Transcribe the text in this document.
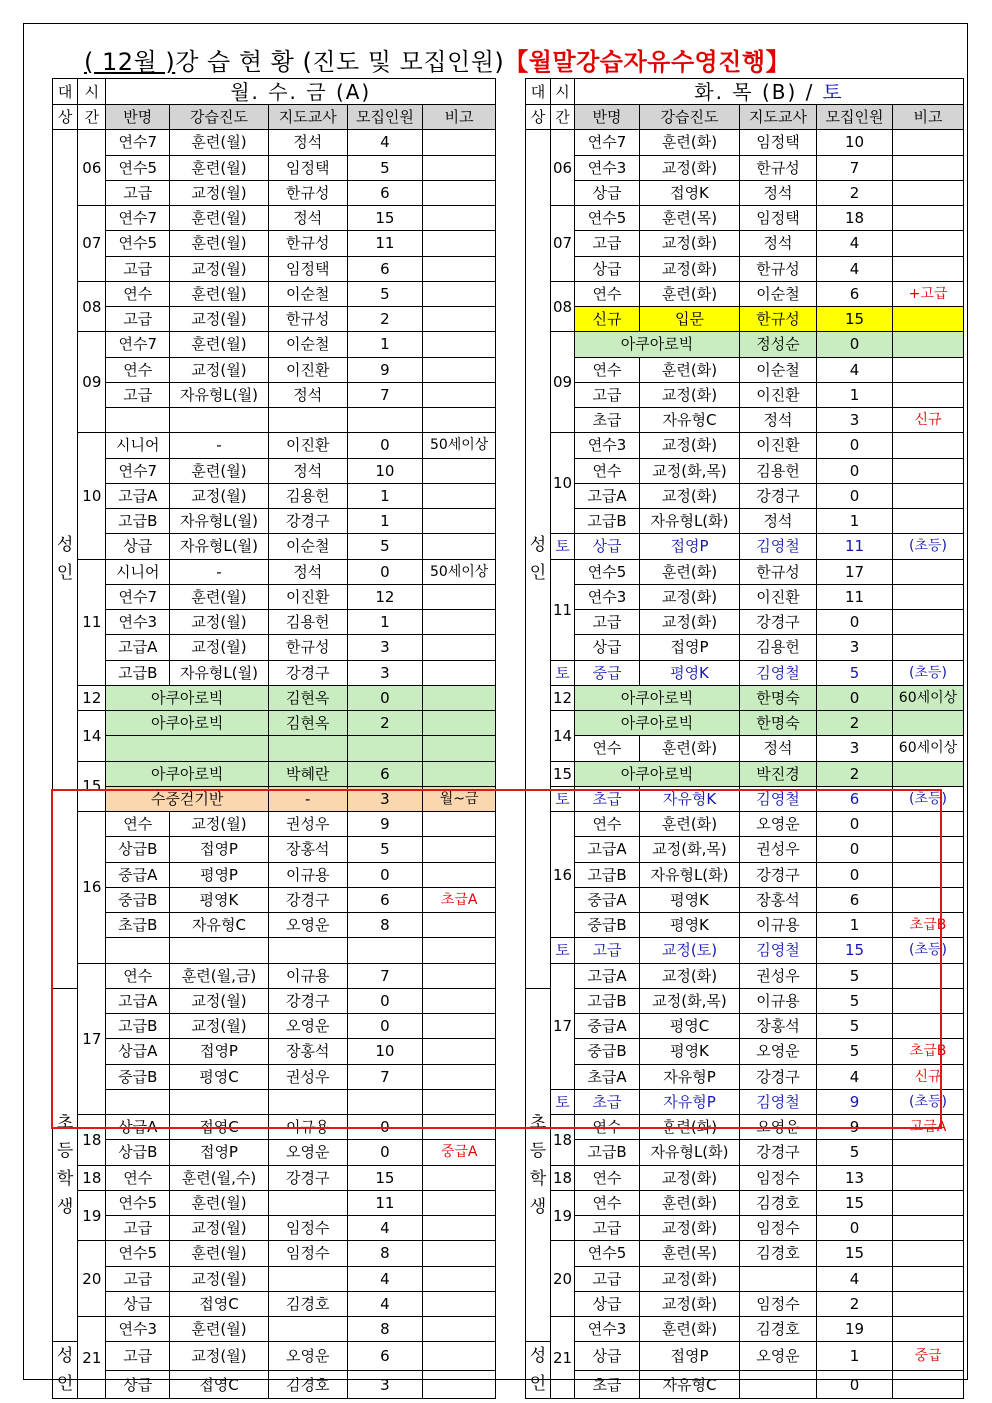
( 12월 )강 습 현 황 (진도 및 모집인원)【월말강습자유수영진행】
대	시	월. 수. 금 (A)				
상	간	반명	강습진도	지도교사	모집인원	비고
성
인	06	연수7	훈련(월)	정석	4	
		연수5	훈련(월)	임정택	5	
		고급	교정(월)	한규성	6	
	07	연수7	훈련(월)	정석	15	
		연수5	훈련(월)	한규성	11	
		고급	교정(월)	임정택	6	
	08	연수	훈련(월)	이순철	5	
		고급	교정(월)	한규성	2	
	09	연수7	훈련(월)	이순철	1	
		연수	교정(월)	이진환	9	
		고급	자유형L(월)	정석	7	

	10	시니어	-	이진환	0	50세이상
		연수7	훈련(월)	정석	10	
		고급A	교정(월)	김용헌	1	
		고급B	자유형L(월)	강경구	1	
		상급	자유형L(월)	이순철	5	
	11	시니어	-	정석	0	50세이상
		연수7	훈련(월)	이진환	12	
		연수3	교정(월)	김용헌	1	
		고급A	교정(월)	한규성	3	
		고급B	자유형L(월)	강경구	3	
	12	아쿠아로빅		김현옥	0	
	14	아쿠아로빅		김현옥	2	

	15	아쿠아로빅		박혜란	6	
		수중걷기반		-	3	월~금
	16	연수	교정(월)	권성우	9	
		상급B	접영P	장홍석	5	
		중급A	평영P	이규용	0	
		중급B	평영K	강경구	6	초급A
		초급B	자유형C	오영운	8	

	17	연수	훈련(월,금)	이규용	7	
초
등
학
생		고급A	교정(월)	강경구	0	
		고급B	교정(월)	오영운	0	
		상급A	접영P	장홍석	10	
		중급B	평영C	권성우	7	

	18	상급A	접영C	이규용	0	
		상급B	접영P	오영운	0	중급A
	18	연수	훈련(월,수)	강경구	15	
	19	연수5	훈련(월)		11	
		고급	교정(월)	임정수	4	
	20	연수5	훈련(월)	임정수	8	
		고급	교정(월)		4	
		상급	접영C	김경호	4	
	21	연수3	훈련(월)		8	
성
인		고급	교정(월)	오영운	6	
		상급	접영C	김경호	3	
대	시	화. 목 (B) / 토				
상	간	반명	강습진도	지도교사	모집인원	비고
성
인	06	연수7	훈련(화)	임정택	10	
		연수3	교정(화)	한규성	7	
		상급	접영K	정석	2	
	07	연수5	훈련(목)	임정택	18	
		고급	교정(화)	정석	4	
		상급	교정(화)	한규성	4	
	08	연수	훈련(화)	이순철	6	+고급
		신규	입문	한규성	15	
	09	아쿠아로빅		정성순	0	
		연수	훈련(화)	이순철	4	
		고급	교정(화)	이진환	1	
		초급	자유형C	정석	3	신규
	10	연수3	교정(화)	이진환	0	
		연수	교정(화,목)	김용헌	0	
		고급A	교정(화)	강경구	0	
		고급B	자유형L(화)	정석	1	
	토	상급	접영P	김영철	11	(초등)
	11	연수5	훈련(화)	한규성	17	
		연수3	교정(화)	이진환	11	
		고급	교정(화)	강경구	0	
		상급	접영P	김용헌	3	
	토	중급	평영K	김영철	5	(초등)
	12	아쿠아로빅		한명숙	0	60세이상
	14	아쿠아로빅		한명숙	2	
		연수	훈련(화)	정석	3	60세이상
	15	아쿠아로빅		박진경	2	
	토	초급	자유형K	김영철	6	(초등)
	16	연수	훈련(화)	오영운	0	
		고급A	교정(화,목)	권성우	0	
		고급B	자유형L(화)	강경구	0	
		중급A	평영K	장홍석	6	
		중급B	평영K	이규용	1	초급B
	토	고급	교정(토)	김영철	15	(초등)
	17	고급A	교정(화)	권성우	5	
초
등
학
생		고급B	교정(화,목)	이규용	5	
		중급A	평영C	장홍석	5	
		중급B	평영K	오영운	5	초급B
		초급A	자유형P	강경구	4	신규
	토	초급	자유형P	김영철	9	(초등)
	18	연수	훈련(화)	오영운	9	고급A
		고급B	자유형L(화)	강경구	5	
	18	연수	교정(화)	임정수	13	
	19	연수	훈련(화)	김경호	15	
		고급	교정(화)	임정수	0	
	20	연수5	훈련(목)	김경호	15	
		고급	교정(화)		4	
		상급	교정(화)	임정수	2	
	21	연수3	훈련(화)	김경호	19	
성
인		상급	접영P	오영운	1	중급
		초급	자유형C		0	
